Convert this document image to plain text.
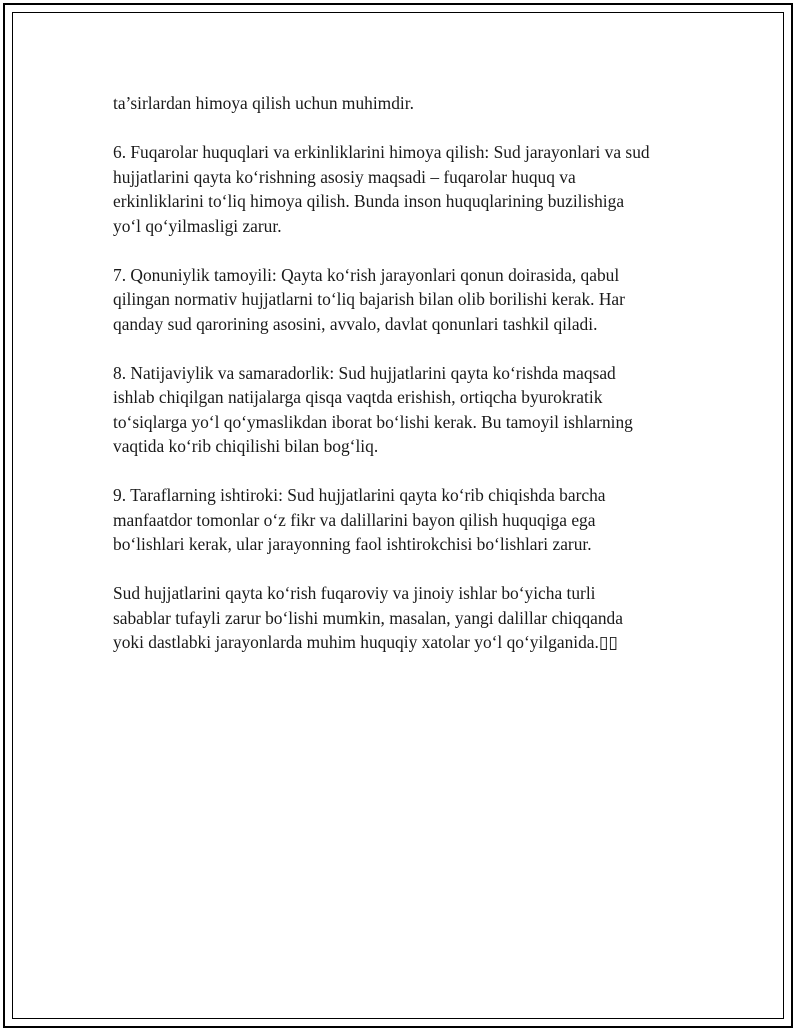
ta’sirlardan himoya qilish uchun muhimdir.

6. Fuqarolar huquqlari va erkinliklarini himoya qilish: Sud jarayonlari va sud
hujjatlarini qayta koʻrishning asosiy maqsadi – fuqarolar huquq va
erkinliklarini toʻliq himoya qilish. Bunda inson huquqlarining buzilishiga
yoʻl qoʻyilmasligi zarur.

7. Qonuniylik tamoyili: Qayta koʻrish jarayonlari qonun doirasida, qabul
qilingan normativ hujjatlarni toʻliq bajarish bilan olib borilishi kerak. Har
qanday sud qarorining asosini, avvalo, davlat qonunlari tashkil qiladi.

8. Natijaviylik va samaradorlik: Sud hujjatlarini qayta koʻrishda maqsad
ishlab chiqilgan natijalarga qisqa vaqtda erishish, ortiqcha byurokratik
toʻsiqlarga yoʻl qoʻymaslikdan iborat boʻlishi kerak. Bu tamoyil ishlarning
vaqtida koʻrib chiqilishi bilan bogʻliq.

9. Taraflarning ishtiroki: Sud hujjatlarini qayta koʻrib chiqishda barcha
manfaatdor tomonlar oʻz fikr va dalillarini bayon qilish huquqiga ega
boʻlishlari kerak, ular jarayonning faol ishtirokchisi boʻlishlari zarur.

Sud hujjatlarini qayta koʻrish fuqaroviy va jinoiy ishlar boʻyicha turli
sabablar tufayli zarur boʻlishi mumkin, masalan, yangi dalillar chiqqanda
yoki dastlabki jarayonlarda muhim huquqiy xatolar yoʻl qoʻyilganida.▯▯
